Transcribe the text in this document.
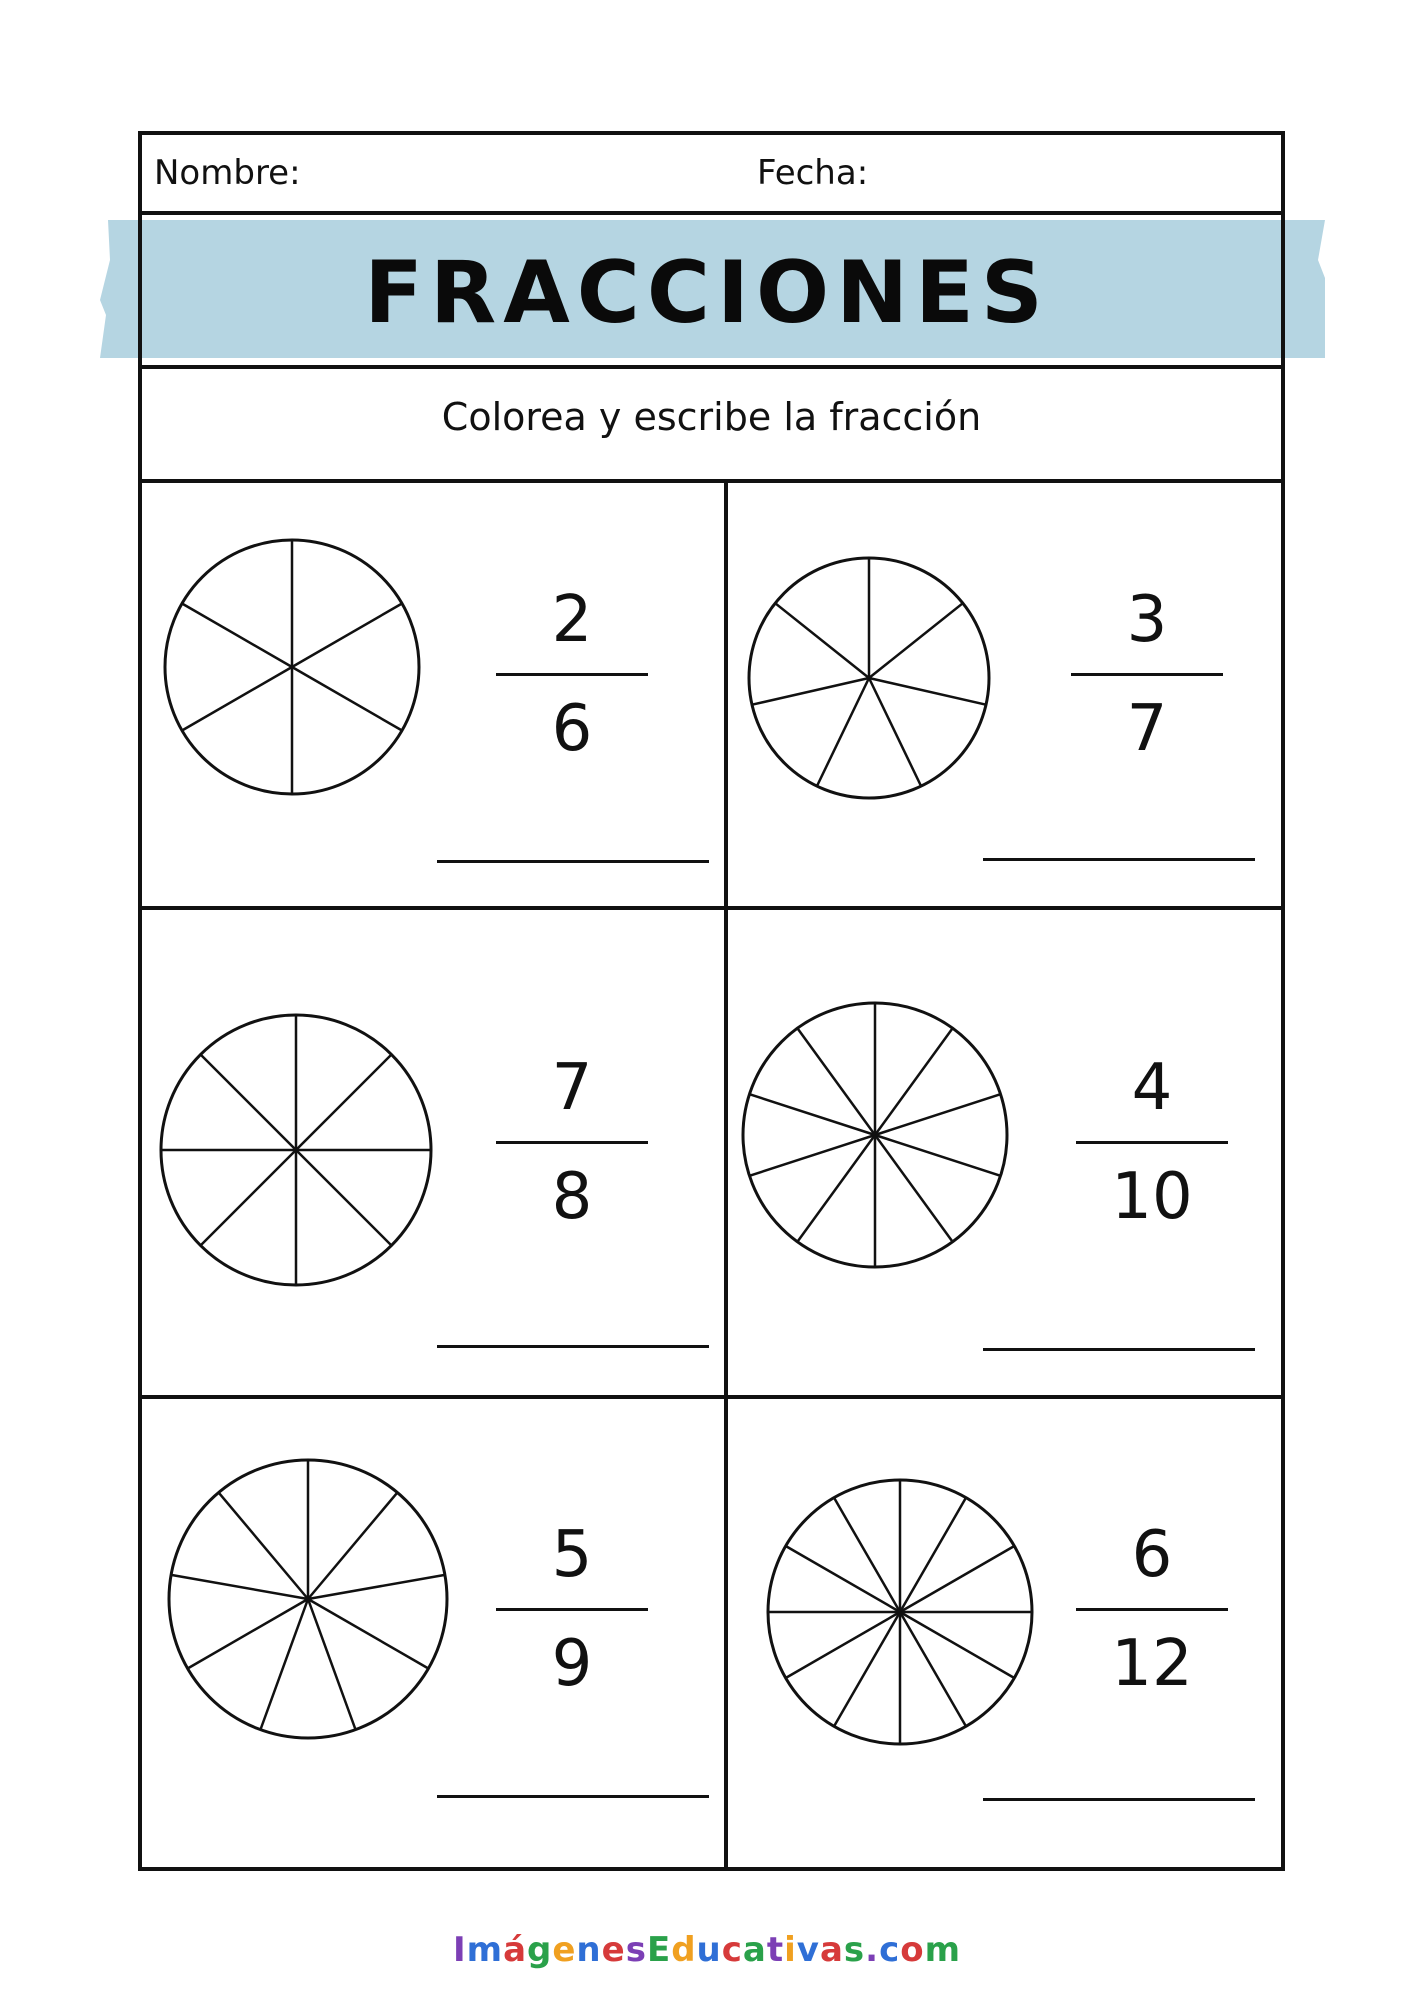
Nombre:	Fecha:
Colorea y escribe la fracción
2
6
3
7
7
8
4
10
5
9
6
12
FRACCIONES
ImágenesEducativas.com
